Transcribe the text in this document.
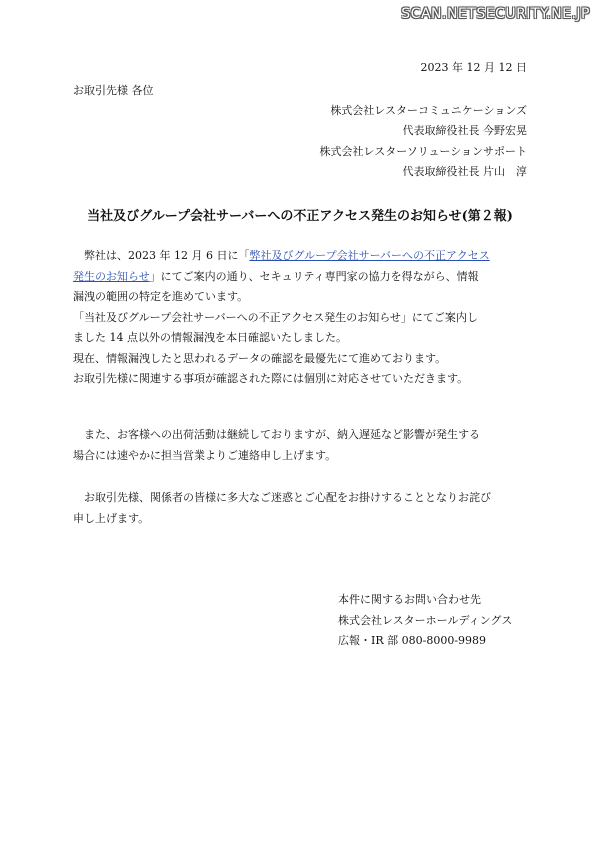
SCAN.NETSECURITY.NE.JP
2023 年 12 月 12 日
お取引先様 各位
株式会社レスターコミュニケーションズ
代表取締役社長 今野宏晃
株式会社レスターソリューションサポート
代表取締役社長 片山　淳
当社及びグループ会社サーバーへの不正アクセス発生のお知らせ(第２報)
弊社は、2023 年 12 月 6 日に「弊社及びグループ会社サーバーへの不正アクセス
発生のお知らせ」にてご案内の通り、セキュリティ専門家の協力を得ながら、情報
漏洩の範囲の特定を進めています。
「当社及びグループ会社サーバーへの不正アクセス発生のお知らせ」にてご案内し
ました 14 点以外の情報漏洩を本日確認いたしました。
現在、情報漏洩したと思われるデータの確認を最優先にて進めております。
お取引先様に関連する事項が確認された際には個別に対応させていただきます。
また、お客様への出荷活動は継続しておりますが、納入遅延など影響が発生する
場合には速やかに担当営業よりご連絡申し上げます。
お取引先様、関係者の皆様に多大なご迷惑とご心配をお掛けすることとなりお詫び
申し上げます。
本件に関するお問い合わせ先
株式会社レスターホールディングス
広報・IR 部 080-8000-9989
